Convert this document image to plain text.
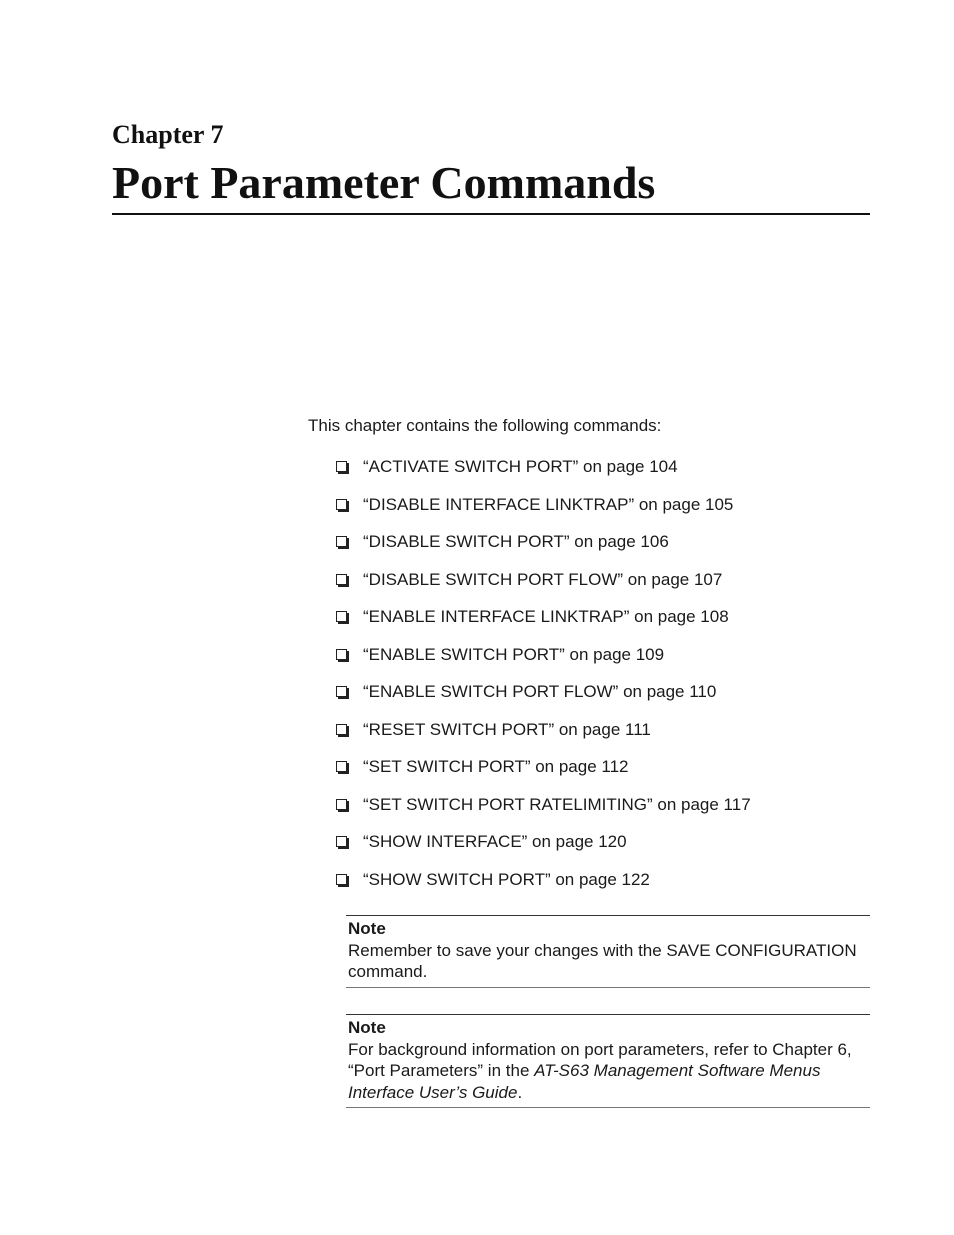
Chapter 7
Port Parameter Commands
This chapter contains the following commands:
“ACTIVATE SWITCH PORT” on page 104
“DISABLE INTERFACE LINKTRAP” on page 105
“DISABLE SWITCH PORT” on page 106
“DISABLE SWITCH PORT FLOW” on page 107
“ENABLE INTERFACE LINKTRAP” on page 108
“ENABLE SWITCH PORT” on page 109
“ENABLE SWITCH PORT FLOW” on page 110
“RESET SWITCH PORT” on page 111
“SET SWITCH PORT” on page 112
“SET SWITCH PORT RATELIMITING” on page 117
“SHOW INTERFACE” on page 120
“SHOW SWITCH PORT” on page 122
Note
Remember to save your changes with the SAVE CONFIGURATION command.
Note
For background information on port parameters, refer to Chapter 6, “Port Parameters” in the AT-S63 Management Software Menus Interface User’s Guide.
